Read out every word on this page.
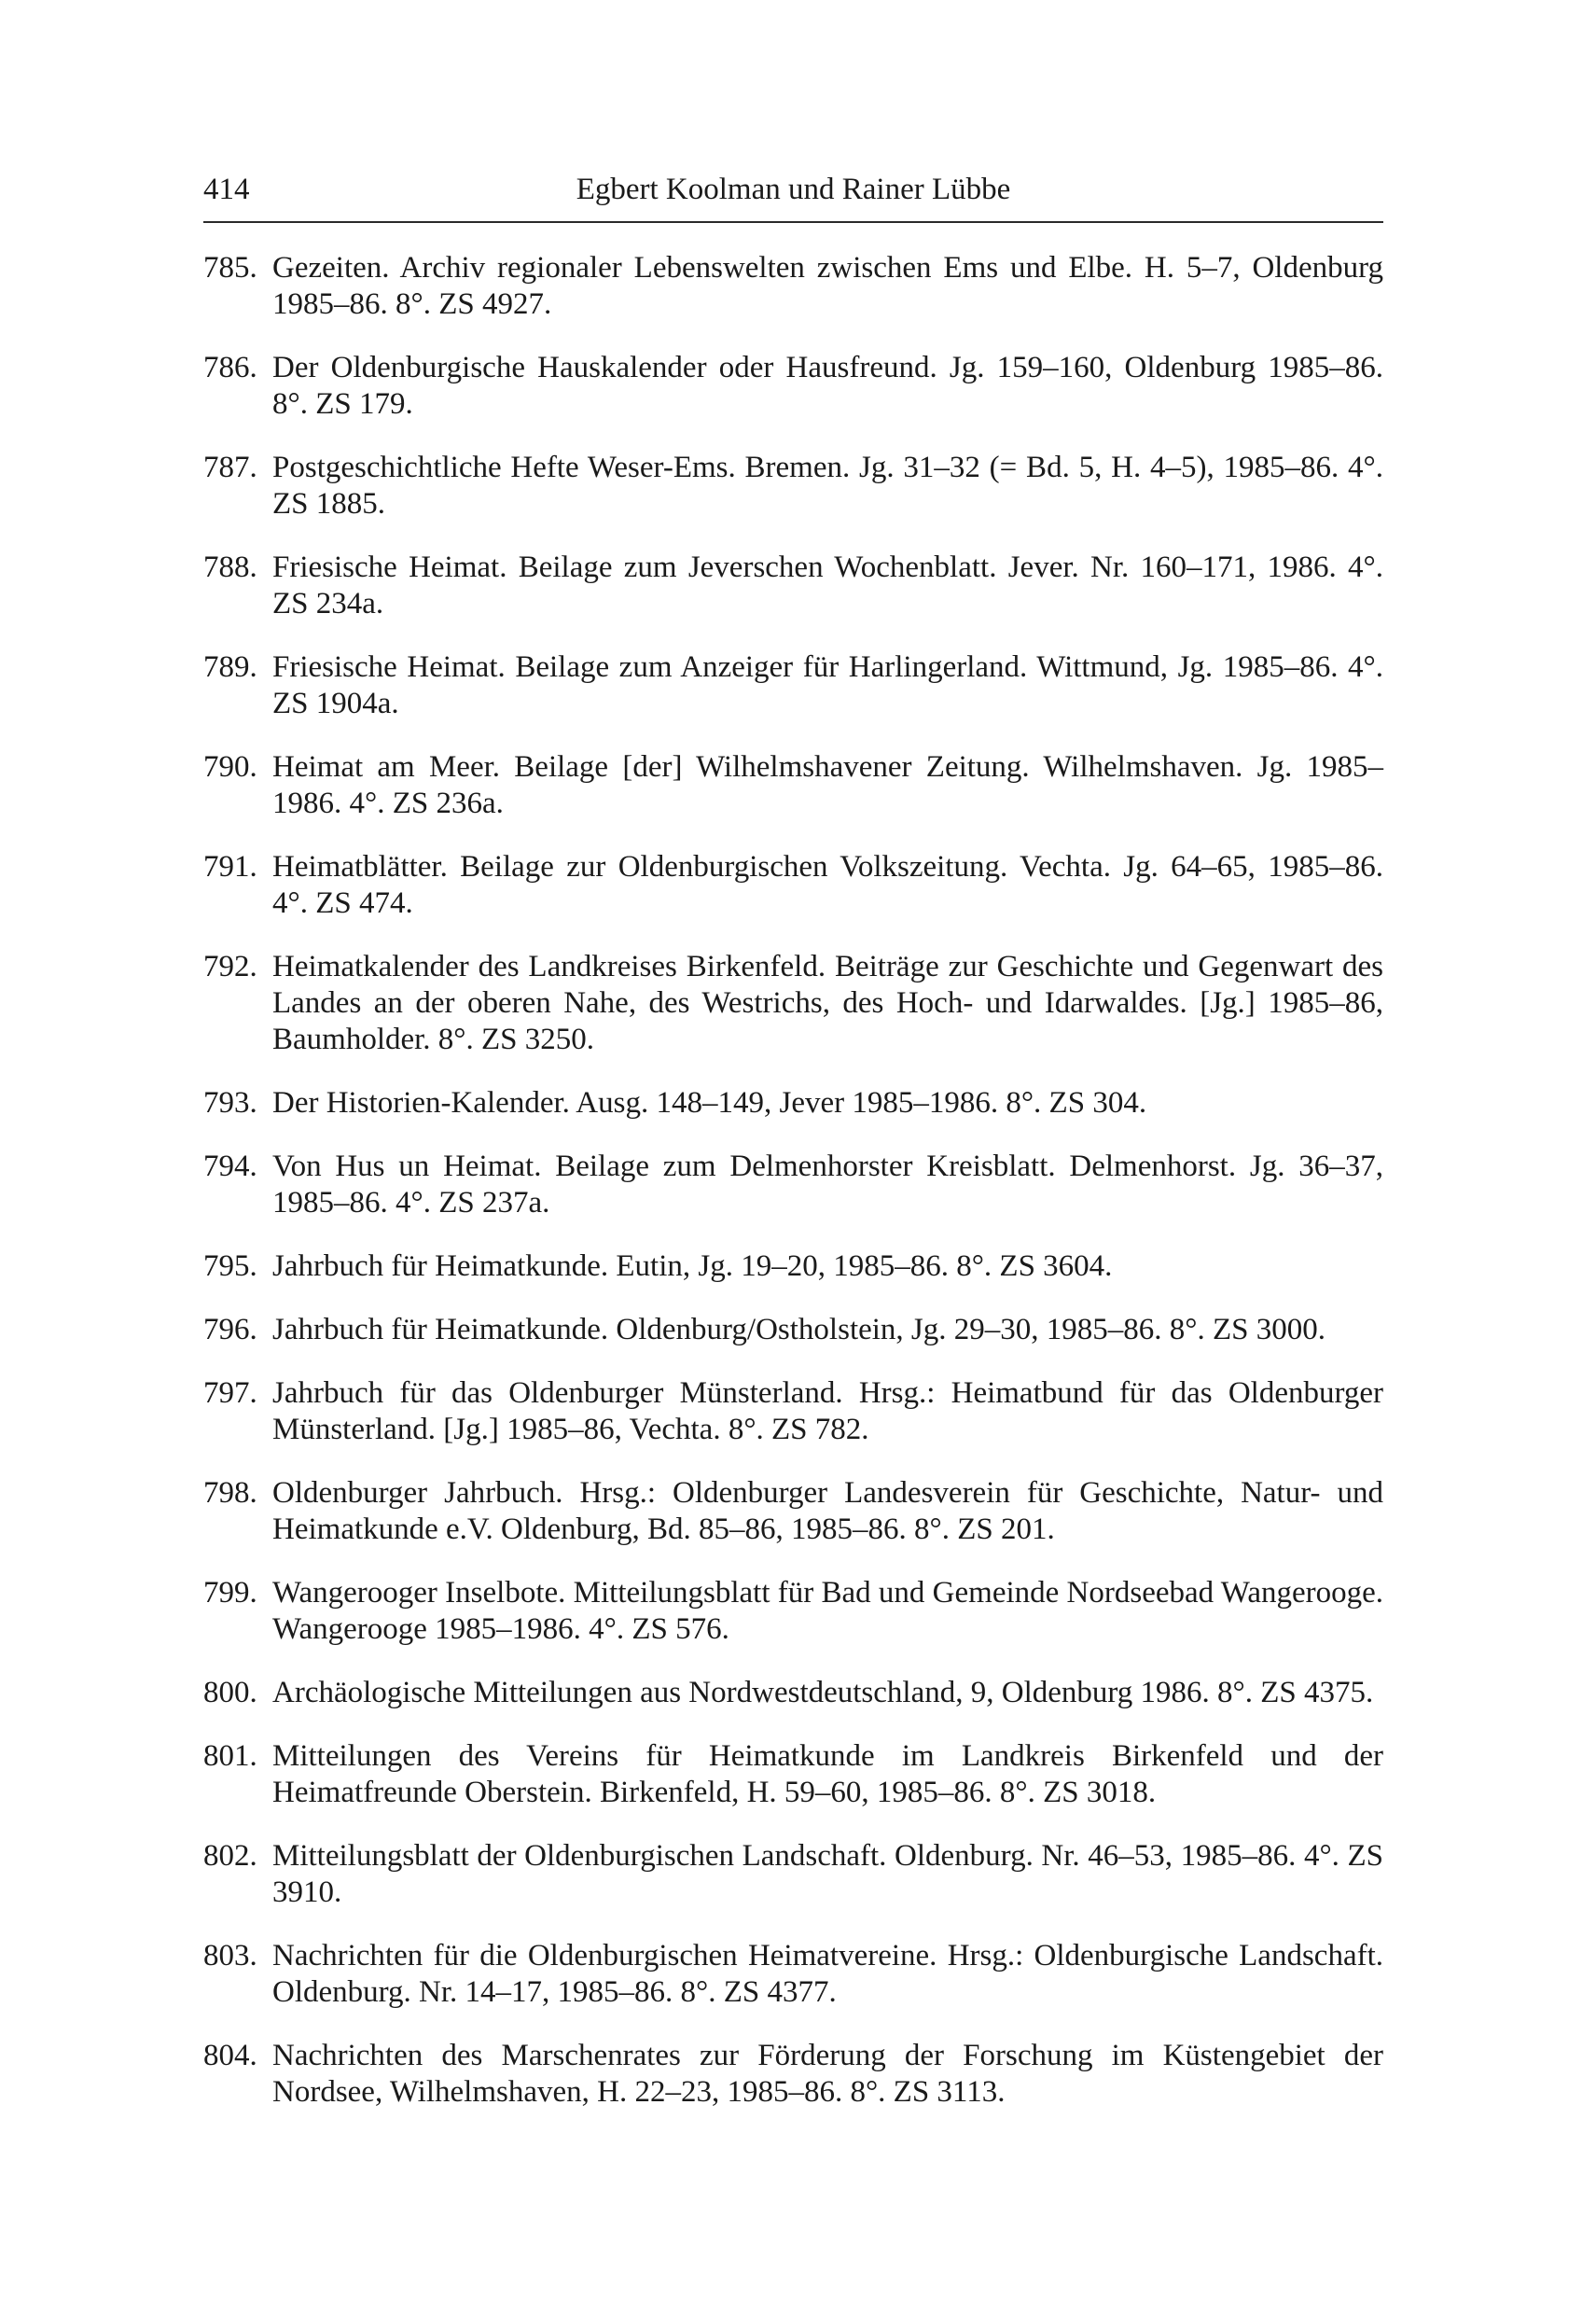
414	Egbert Koolman und Rainer Lübbe
785. Gezeiten. Archiv regionaler Lebenswelten zwischen Ems und Elbe. H. 5–7, Oldenburg 1985–86. 8°. ZS 4927.
786. Der Oldenburgische Hauskalender oder Hausfreund. Jg. 159–160, Oldenburg 1985–86. 8°. ZS 179.
787. Postgeschichtliche Hefte Weser-Ems. Bremen. Jg. 31–32 (= Bd. 5, H. 4–5), 1985–86. 4°. ZS 1885.
788. Friesische Heimat. Beilage zum Jeverschen Wochenblatt. Jever. Nr. 160–171, 1986. 4°. ZS 234a.
789. Friesische Heimat. Beilage zum Anzeiger für Harlingerland. Wittmund, Jg. 1985–86. 4°. ZS 1904a.
790. Heimat am Meer. Beilage [der] Wilhelmshavener Zeitung. Wilhelmshaven. Jg. 1985–1986. 4°. ZS 236a.
791. Heimatblätter. Beilage zur Oldenburgischen Volkszeitung. Vechta. Jg. 64–65, 1985–86. 4°. ZS 474.
792. Heimatkalender des Landkreises Birkenfeld. Beiträge zur Geschichte und Gegenwart des Landes an der oberen Nahe, des Westrichs, des Hoch- und Idarwaldes. [Jg.] 1985–86, Baumholder. 8°. ZS 3250.
793. Der Historien-Kalender. Ausg. 148–149, Jever 1985–1986. 8°. ZS 304.
794. Von Hus un Heimat. Beilage zum Delmenhorster Kreisblatt. Delmenhorst. Jg. 36–37, 1985–86. 4°. ZS 237a.
795. Jahrbuch für Heimatkunde. Eutin, Jg. 19–20, 1985–86. 8°. ZS 3604.
796. Jahrbuch für Heimatkunde. Oldenburg/Ostholstein, Jg. 29–30, 1985–86. 8°. ZS 3000.
797. Jahrbuch für das Oldenburger Münsterland. Hrsg.: Heimatbund für das Oldenburger Münsterland. [Jg.] 1985–86, Vechta. 8°. ZS 782.
798. Oldenburger Jahrbuch. Hrsg.: Oldenburger Landesverein für Geschichte, Natur- und Heimatkunde e.V. Oldenburg, Bd. 85–86, 1985–86. 8°. ZS 201.
799. Wangerooger Inselbote. Mitteilungsblatt für Bad und Gemeinde Nordseebad Wangerooge. Wangerooge 1985–1986. 4°. ZS 576.
800. Archäologische Mitteilungen aus Nordwestdeutschland, 9, Oldenburg 1986. 8°. ZS 4375.
801. Mitteilungen des Vereins für Heimatkunde im Landkreis Birkenfeld und der Heimatfreunde Oberstein. Birkenfeld, H. 59–60, 1985–86. 8°. ZS 3018.
802. Mitteilungsblatt der Oldenburgischen Landschaft. Oldenburg. Nr. 46–53, 1985–86. 4°. ZS 3910.
803. Nachrichten für die Oldenburgischen Heimatvereine. Hrsg.: Oldenburgische Landschaft. Oldenburg. Nr. 14–17, 1985–86. 8°. ZS 4377.
804. Nachrichten des Marschenrates zur Förderung der Forschung im Küstengebiet der Nordsee, Wilhelmshaven, H. 22–23, 1985–86. 8°. ZS 3113.
